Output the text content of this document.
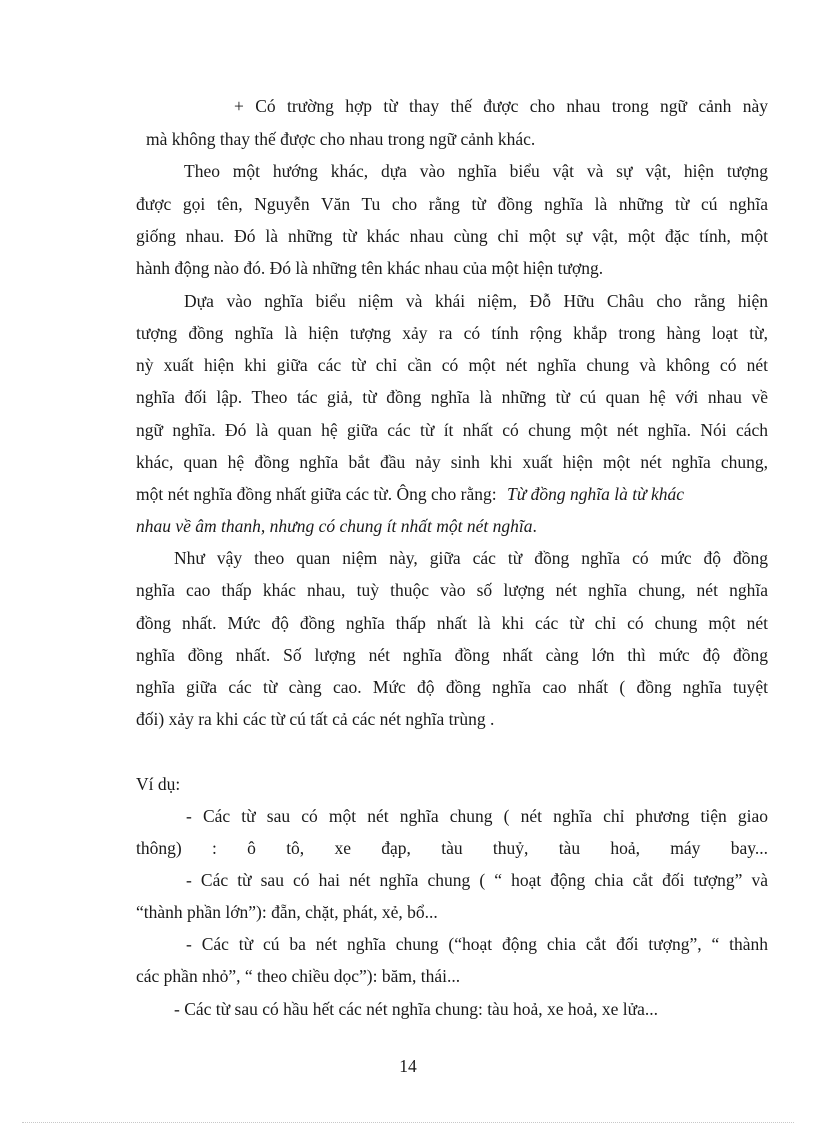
+ Có trường hợp từ thay thế được cho nhau trong ngữ cảnh này
mà không thay thế được cho nhau trong ngữ cảnh khác.
Theo một hướng khác, dựa vào nghĩa biểu vật và sự vật, hiện tượng
được gọi tên, Nguyễn Văn Tu cho rằng từ đồng nghĩa là những từ cú nghĩa
giống nhau. Đó là những từ khác nhau cùng chỉ một sự vật, một đặc tính, một
hành động nào đó. Đó là những tên khác nhau của một hiện tượng.
Dựa vào nghĩa biểu niệm và khái niệm, Đỗ Hữu Châu cho rằng hiện
tượng đồng nghĩa là hiện tượng xảy ra có tính rộng khắp trong hàng loạt từ,
nỳ xuất hiện khi giữa các từ chỉ cần có một nét nghĩa chung và không có nét
nghĩa đối lập. Theo tác giả, từ đồng nghĩa là những từ cú quan hệ với nhau về
ngữ nghĩa. Đó là quan hệ giữa các từ ít nhất có chung một nét nghĩa. Nói cách
khác, quan hệ đồng nghĩa bắt đầu nảy sinh khi xuất hiện một nét nghĩa chung,
một nét nghĩa đồng nhất giữa các từ. Ông cho rằng: Từ đồng nghĩa là từ khác
nhau về âm thanh, nhưng có chung ít nhất một nét nghĩa.
Như vậy theo quan niệm này, giữa các từ đồng nghĩa có mức độ đồng
nghĩa cao thấp khác nhau, tuỳ thuộc vào số lượng nét nghĩa chung, nét nghĩa
đồng nhất. Mức độ đồng nghĩa thấp nhất là khi các từ chỉ có chung một nét
nghĩa đồng nhất. Số lượng nét nghĩa đồng nhất càng lớn thì mức độ đồng
nghĩa giữa các từ càng cao. Mức độ đồng nghĩa cao nhất ( đồng nghĩa tuyệt
đối) xảy ra khi các từ cú tất cả các nét nghĩa trùng .
Ví dụ:
- Các từ sau có một nét nghĩa chung ( nét nghĩa chỉ phương tiện giao
thông) : ô tô, xe đạp, tàu thuỷ, tàu hoả, máy bay...
- Các từ sau có hai nét nghĩa chung ( “ hoạt động chia cắt đối tượng” và
“thành phần lớn”): đẵn, chặt, phát, xẻ, bổ...
- Các từ cú ba nét nghĩa chung (“hoạt động chia cắt đối tượng”, “ thành
các phần nhỏ”, “ theo chiều dọc”): băm, thái...
- Các từ sau có hầu hết các nét nghĩa chung: tàu hoả, xe hoả, xe lửa...
14
